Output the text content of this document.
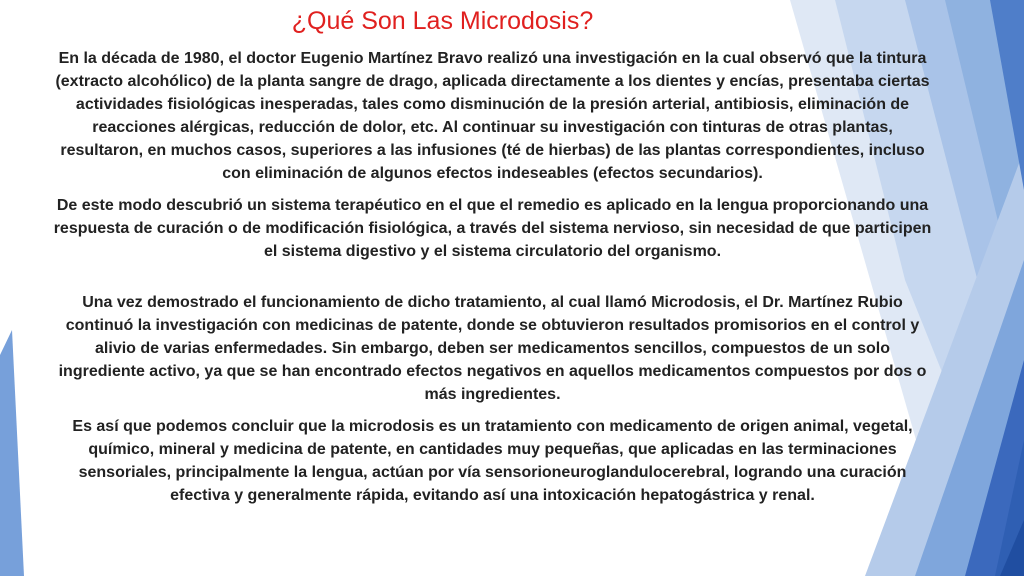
¿Qué Son Las Microdosis?

En la década de 1980, el doctor Eugenio Martínez Bravo realizó una investigación en la cual observó que la tintura (extracto alcohólico) de la planta sangre de drago, aplicada directamente a los dientes y encías, presentaba ciertas actividades fisiológicas inesperadas, tales como disminución de la presión arterial, antibiosis, eliminación de reacciones alérgicas, reducción de dolor, etc. Al continuar su investigación con tinturas de otras plantas, resultaron, en muchos casos, superiores a las infusiones (té de hierbas) de las plantas correspondientes, incluso con eliminación de algunos efectos indeseables (efectos secundarios).

De este modo descubrió un sistema terapéutico en el que el remedio es aplicado en la lengua proporcionando una respuesta de curación o de modificación fisiológica, a través del sistema nervioso, sin necesidad de que participen el sistema digestivo y el sistema circulatorio del organismo.

Una vez demostrado el funcionamiento de dicho tratamiento, al cual llamó Microdosis, el Dr. Martínez Rubio continuó la investigación con medicinas de patente, donde se obtuvieron resultados promisorios en el control y alivio de varias enfermedades. Sin embargo, deben ser medicamentos sencillos, compuestos de un solo ingrediente activo, ya que se han encontrado efectos negativos en aquellos medicamentos compuestos por dos o más ingredientes.

Es así que podemos concluir que la microdosis es un tratamiento con medicamento de origen animal, vegetal, químico, mineral y medicina de patente, en cantidades muy pequeñas, que aplicadas en las terminaciones sensoriales, principalmente la lengua, actúan por vía sensorioneuroglandulocerebral, logrando una curación efectiva y generalmente rápida, evitando así una intoxicación hepatogástrica y renal.
